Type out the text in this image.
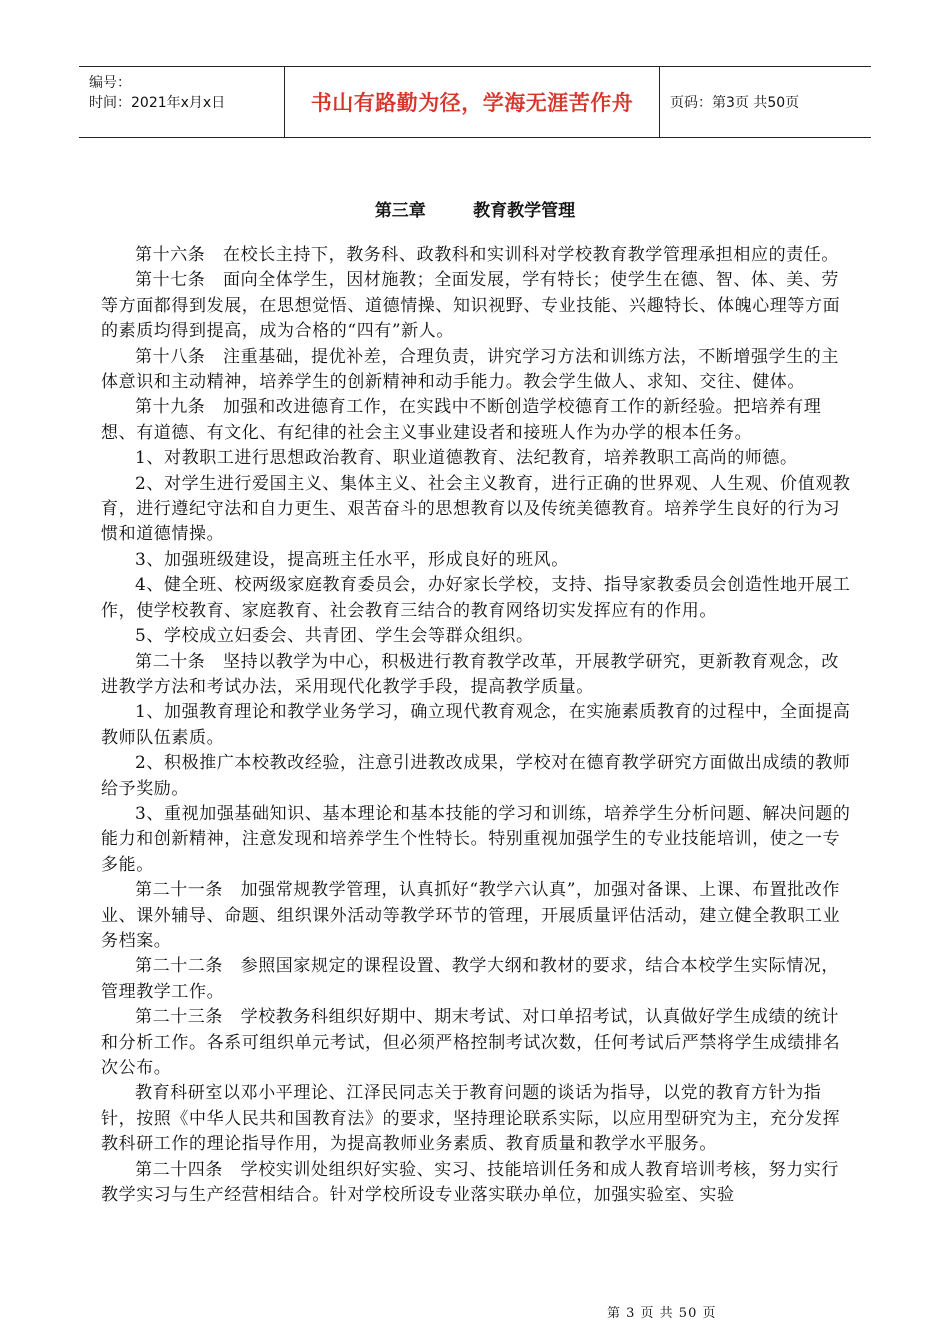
编号：
时间：2021年x月x日	书山有路勤为径，学海无涯苦作舟	页码：第3页 共50页
第三章        教育教学管理

第十六条　在校长主持下，教务科、政教科和实训科对学校教育教学管理承担相应的责任。

第十七条　面向全体学生，因材施教；全面发展，学有特长；使学生在德、智、体、美、劳等方面都得到发展，在思想觉悟、道德情操、知识视野、专业技能、兴趣特长、体魄心理等方面的素质均得到提高，成为合格的“四有”新人。

第十八条　注重基础，提优补差，合理负责，讲究学习方法和训练方法，不断增强学生的主体意识和主动精神，培养学生的创新精神和动手能力。教会学生做人、求知、交往、健体。

第十九条　加强和改进德育工作，在实践中不断创造学校德育工作的新经验。把培养有理想、有道德、有文化、有纪律的社会主义事业建设者和接班人作为办学的根本任务。

1、对教职工进行思想政治教育、职业道德教育、法纪教育，培养教职工高尚的师德。

2、对学生进行爱国主义、集体主义、社会主义教育，进行正确的世界观、人生观、价值观教育，进行遵纪守法和自力更生、艰苦奋斗的思想教育以及传统美德教育。培养学生良好的行为习惯和道德情操。

3、加强班级建设，提高班主任水平，形成良好的班风。

4、健全班、校两级家庭教育委员会，办好家长学校，支持、指导家教委员会创造性地开展工作，使学校教育、家庭教育、社会教育三结合的教育网络切实发挥应有的作用。

5、学校成立妇委会、共青团、学生会等群众组织。

第二十条　坚持以教学为中心，积极进行教育教学改革，开展教学研究，更新教育观念，改进教学方法和考试办法，采用现代化教学手段，提高教学质量。

1、加强教育理论和教学业务学习，确立现代教育观念，在实施素质教育的过程中，全面提高教师队伍素质。

2、积极推广本校教改经验，注意引进教改成果，学校对在德育教学研究方面做出成绩的教师给予奖励。

3、重视加强基础知识、基本理论和基本技能的学习和训练，培养学生分析问题、解决问题的能力和创新精神，注意发现和培养学生个性特长。特别重视加强学生的专业技能培训，使之一专多能。

第二十一条　加强常规教学管理，认真抓好“教学六认真”，加强对备课、上课、布置批改作业、课外辅导、命题、组织课外活动等教学环节的管理，开展质量评估活动，建立健全教职工业务档案。

第二十二条　参照国家规定的课程设置、教学大纲和教材的要求，结合本校学生实际情况，管理教学工作。

第二十三条　学校教务科组织好期中、期末考试、对口单招考试，认真做好学生成绩的统计和分析工作。各系可组织单元考试，但必须严格控制考试次数，任何考试后严禁将学生成绩排名次公布。

教育科研室以邓小平理论、江泽民同志关于教育问题的谈话为指导，以党的教育方针为指针，按照《中华人民共和国教育法》的要求，坚持理论联系实际，以应用型研究为主，充分发挥教科研工作的理论指导作用，为提高教师业务素质、教育质量和教学水平服务。

第二十四条　学校实训处组织好实验、实习、技能培训任务和成人教育培训考核，努力实行教学实习与生产经营相结合。针对学校所设专业落实联办单位，加强实验室、实验

第 3 页 共 50 页
